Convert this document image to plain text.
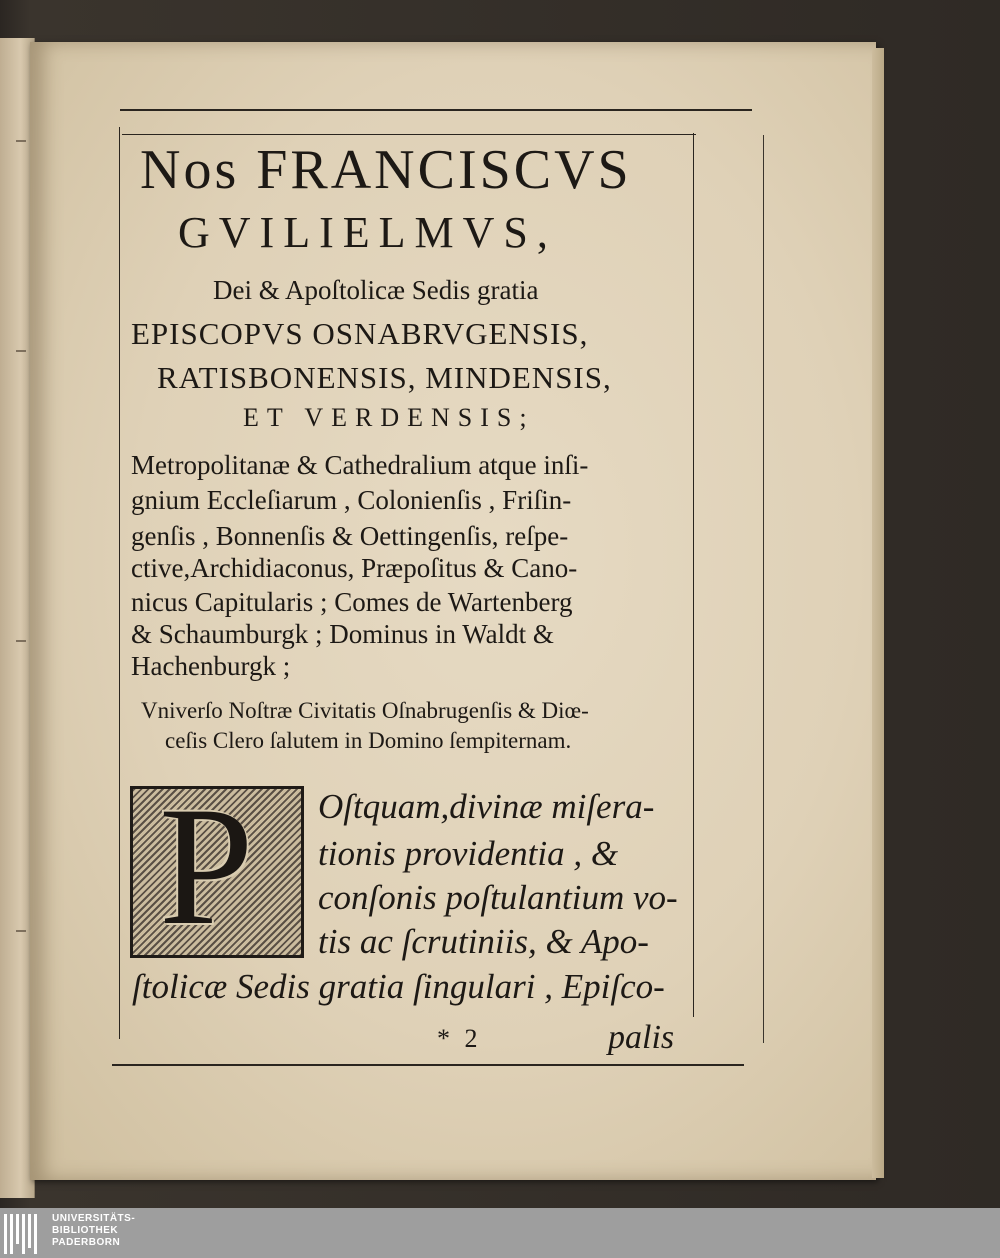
Nos FRANCISCVS
GVILIELMVS,
Dei & Apoſtolicæ Sedis gratia
EPISCOPVS OSNABRVGENSIS,
RATISBONENSIS, MINDENSIS,
ET VERDENSIS;
Metropolitanæ & Cathedralium atque inſi-
gnium Eccleſiarum , Colonienſis , Friſin-
genſis , Bonnenſis & Oettingenſis, reſpe-
ctive,Archidiaconus, Præpoſitus & Cano-
nicus Capitularis ; Comes de Wartenberg
& Schaumburgk ; Dominus in Waldt &
Hachenburgk ;
Vniverſo Noſtræ Civitatis Oſnabrugenſis & Diœ-
ceſis Clero ſalutem in Domino ſempiternam.
P Oſtquam,divinæ miſera-
tionis providentia , &
conſonis poſtulantium vo-
tis ac ſcrutiniis, & Apo-
ſtolicæ Sedis gratia ſingulari , Epiſco-
* 2	palis
UNIVERSITÄTS-
BIBLIOTHEK
PADERBORN
